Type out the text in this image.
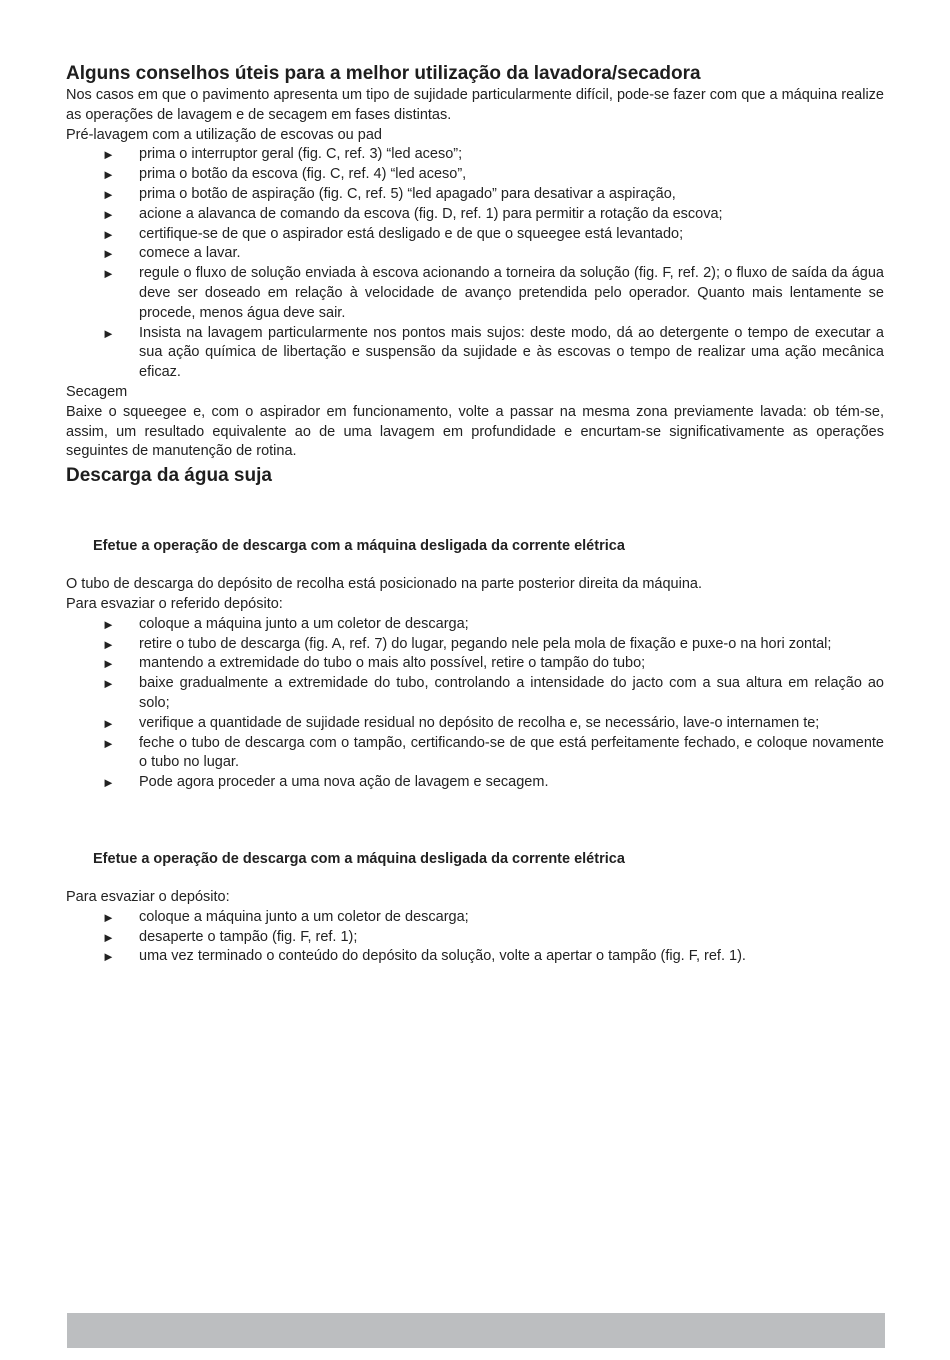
Alguns conselhos úteis para a melhor utilização da lavadora/secadora

Nos casos em que o pavimento apresenta um tipo de sujidade particularmente difícil, pode-se fazer com que a máquina realize as operações de lavagem e de secagem em fases distintas.

Pré-lavagem com a utilização de escovas ou pad

► prima o interruptor geral (fig. C, ref. 3) “led aceso”;
► prima o botão da escova (fig. C, ref. 4) “led aceso”,
► prima o botão de aspiração (fig. C, ref. 5) “led apagado” para desativar a aspiração,
► acione a alavanca de comando da escova (fig. D, ref. 1) para permitir a rotação da escova;
► certifique-se de que o aspirador está desligado e de que o squeegee está levantado;
► comece a lavar.
► regule o fluxo de solução enviada à escova acionando a torneira da solução (fig. F, ref. 2); o fluxo de saída da água deve ser doseado em relação à velocidade de avanço pretendida pelo operador. Quanto mais lentamente se procede, menos água deve sair.
► Insista na lavagem particularmente nos pontos mais sujos: deste modo, dá ao detergente o tempo de executar a sua ação química de libertação e suspensão da sujidade e às escovas o tempo de realizar uma ação mecânica eficaz.

Secagem

Baixe o squeegee e, com o aspirador em funcionamento, volte a passar na mesma zona previamente lavada: ob tém-se, assim, um resultado equivalente ao de uma lavagem em profundidade e encurtam-se significativamente as operações seguintes de manutenção de rotina.

Descarga da água suja
Efetue a operação de descarga com a máquina desligada da corrente elétrica

O tubo de descarga do depósito de recolha está posicionado na parte posterior direita da máquina.

Para esvaziar o referido depósito:

► coloque a máquina junto a um coletor de descarga;
► retire o tubo de descarga (fig. A, ref. 7) do lugar, pegando nele pela mola de fixação e puxe-o na hori zontal;
► mantendo a extremidade do tubo o mais alto possível, retire o tampão do tubo;
► baixe gradualmente a extremidade do tubo, controlando a intensidade do jacto com a sua altura em relação ao solo;
► verifique a quantidade de sujidade residual no depósito de recolha e, se necessário, lave-o internamen te;
► feche o tubo de descarga com o tampão, certificando-se de que está perfeitamente fechado, e coloque novamente o tubo no lugar.
► Pode agora proceder a uma nova ação de lavagem e secagem.
Efetue a operação de descarga com a máquina desligada da corrente elétrica

Para esvaziar o depósito:

► coloque a máquina junto a um coletor de descarga;
► desaperte o tampão (fig. F, ref. 1);
► uma vez terminado o conteúdo do depósito da solução, volte a apertar o tampão (fig. F, ref. 1).
